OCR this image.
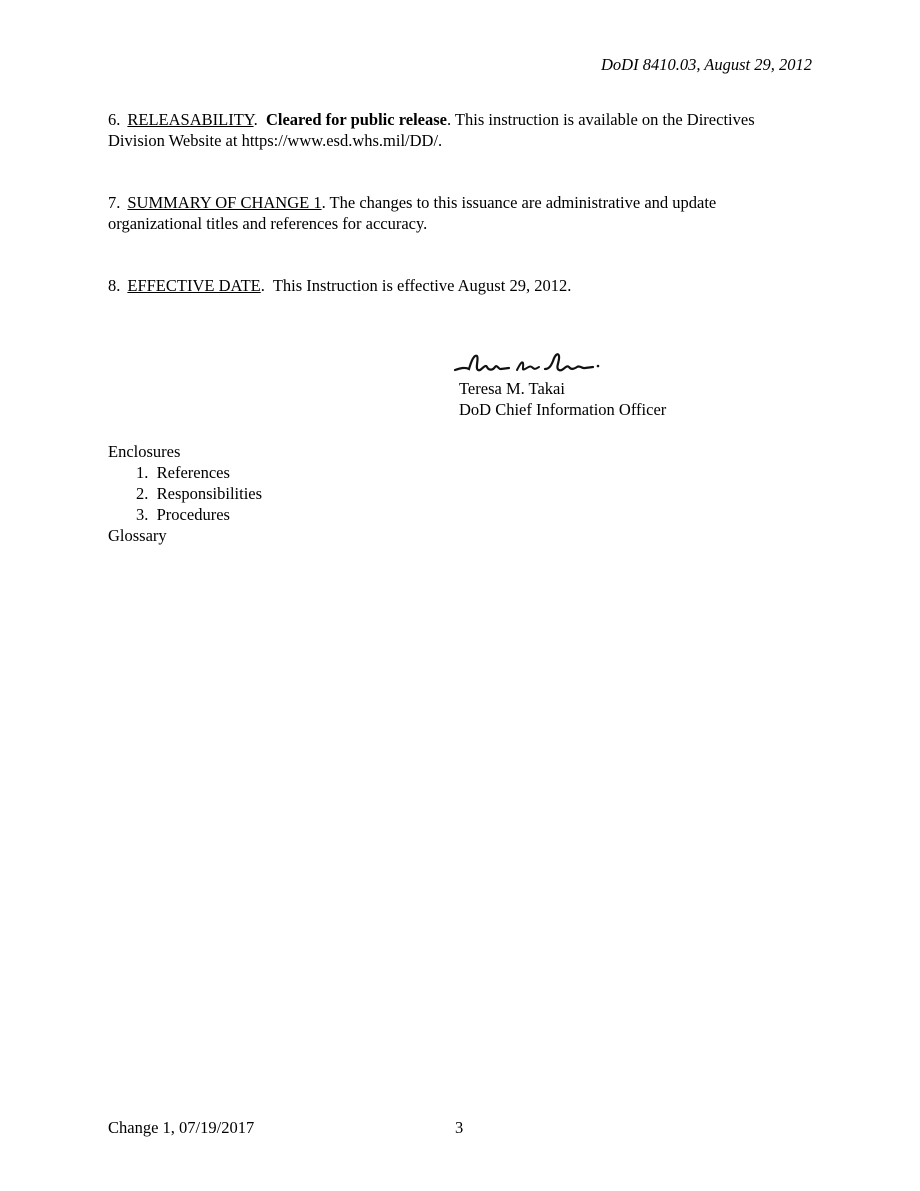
DoDI 8410.03, August 29, 2012
6. RELEASABILITY.  Cleared for public release. This instruction is available on the Directives Division Website at https://www.esd.whs.mil/DD/.
7. SUMMARY OF CHANGE 1. The changes to this issuance are administrative and update organizational titles and references for accuracy.
8. EFFECTIVE DATE.  This Instruction is effective August 29, 2012.
Teresa M. Takai
DoD Chief Information Officer
Enclosures
1.  References
2.  Responsibilities
3.  Procedures
Glossary
Change 1, 07/19/2017	3
